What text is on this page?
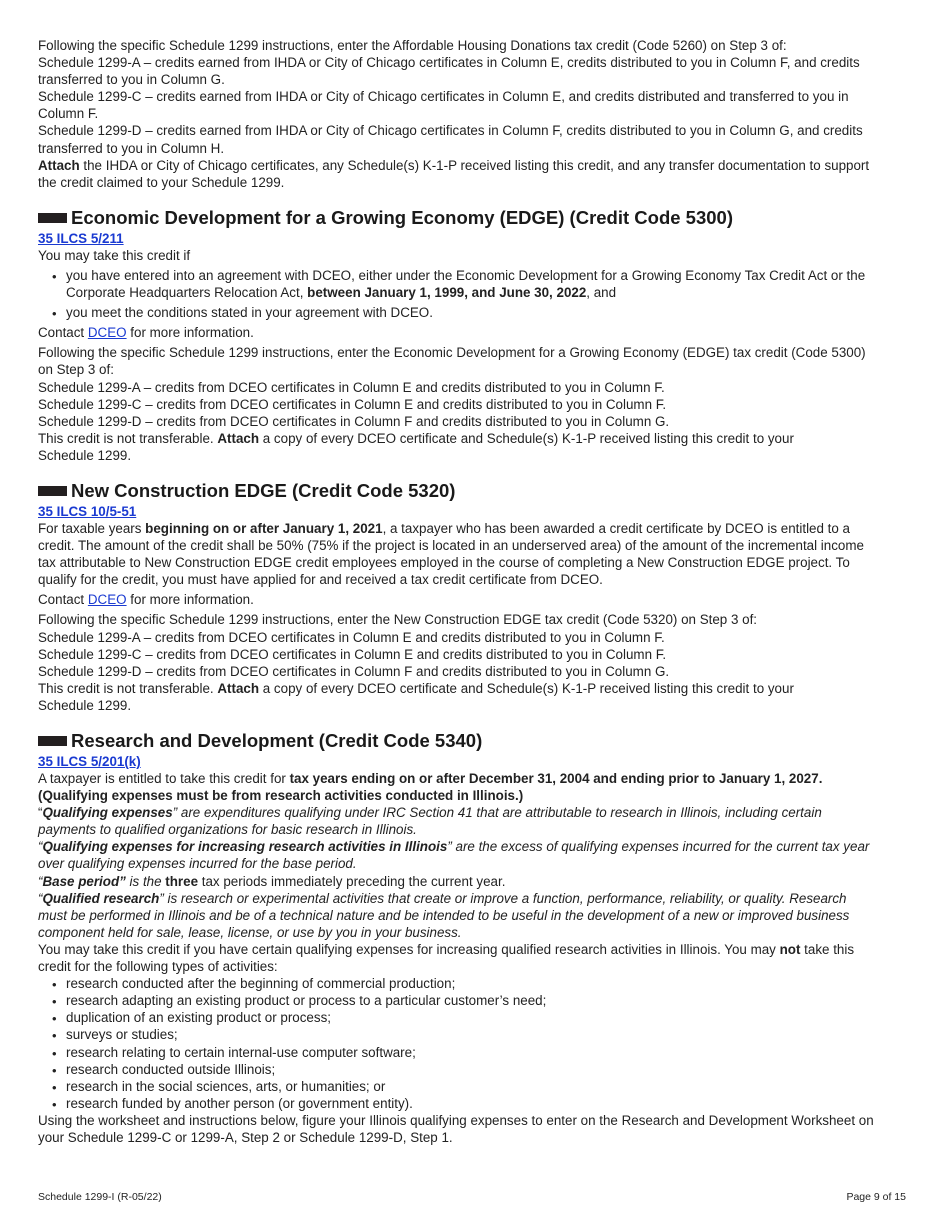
Following the specific Schedule 1299 instructions, enter the Affordable Housing Donations tax credit (Code 5260) on Step 3 of:

Schedule 1299-A – credits earned from IHDA or City of Chicago certificates in Column E, credits distributed to you in Column F, and credits

transferred to you in Column G.

Schedule 1299-C – credits earned from IHDA or City of Chicago certificates in Column E, and credits distributed and transferred to you in

Column F.

Schedule 1299-D – credits earned from IHDA or City of Chicago certificates in Column F, credits distributed to you in Column G, and credits

transferred to you in Column H.

Attach the IHDA or City of Chicago certificates, any Schedule(s) K-1-P received listing this credit, and any transfer documentation to support

the credit claimed to your Schedule 1299.

Economic Development for a Growing Economy (EDGE) (Credit Code 5300)

35 ILCS 5/211

You may take this credit if

• you have entered into an agreement with DCEO, either under the Economic Development for a Growing Economy Tax Credit Act or the
Corporate Headquarters Relocation Act, between January 1, 1999, and June 30, 2022, and
• you meet the conditions stated in your agreement with DCEO.

Contact DCEO for more information.

Following the specific Schedule 1299 instructions, enter the Economic Development for a Growing Economy (EDGE) tax credit (Code 5300)

on Step 3 of:

Schedule 1299-A – credits from DCEO certificates in Column E and credits distributed to you in Column F.

Schedule 1299-C – credits from DCEO certificates in Column E and credits distributed to you in Column F.

Schedule 1299-D – credits from DCEO certificates in Column F and credits distributed to you in Column G.

This credit is not transferable. Attach a copy of every DCEO certificate and Schedule(s) K-1-P received listing this credit to your

Schedule 1299.

New Construction EDGE (Credit Code 5320)

35 ILCS 10/5-51

For taxable years beginning on or after January 1, 2021, a taxpayer who has been awarded a credit certificate by DCEO is entitled to a

credit. The amount of the credit shall be 50% (75% if the project is located in an underserved area) of the amount of the incremental income

tax attributable to New Construction EDGE credit employees employed in the course of completing a New Construction EDGE project. To

qualify for the credit, you must have applied for and received a tax credit certificate from DCEO.

Contact DCEO for more information.

Following the specific Schedule 1299 instructions, enter the New Construction EDGE tax credit (Code 5320) on Step 3 of:

Schedule 1299-A – credits from DCEO certificates in Column E and credits distributed to you in Column F.

Schedule 1299-C – credits from DCEO certificates in Column E and credits distributed to you in Column F.

Schedule 1299-D – credits from DCEO certificates in Column F and credits distributed to you in Column G.

This credit is not transferable. Attach a copy of every DCEO certificate and Schedule(s) K-1-P received listing this credit to your

Schedule 1299.

Research and Development (Credit Code 5340)

35 ILCS 5/201(k)

A taxpayer is entitled to take this credit for tax years ending on or after December 31, 2004 and ending prior to January 1, 2027.

(Qualifying expenses must be from research activities conducted in Illinois.)

“Qualifying expenses” are expenditures qualifying under IRC Section 41 that are attributable to research in Illinois, including certain

payments to qualified organizations for basic research in Illinois.

“Qualifying expenses for increasing research activities in Illinois” are the excess of qualifying expenses incurred for the current tax year

over qualifying expenses incurred for the base period.

“Base period” is the three tax periods immediately preceding the current year.

“Qualified research” is research or experimental activities that create or improve a function, performance, reliability, or quality. Research

must be performed in Illinois and be of a technical nature and be intended to be useful in the development of a new or improved business

component held for sale, lease, license, or use by you in your business.

You may take this credit if you have certain qualifying expenses for increasing qualified research activities in Illinois. You may not take this

credit for the following types of activities:

• research conducted after the beginning of commercial production;
• research adapting an existing product or process to a particular customer’s need;
• duplication of an existing product or process;
• surveys or studies;
• research relating to certain internal-use computer software;
• research conducted outside Illinois;
• research in the social sciences, arts, or humanities; or
• research funded by another person (or government entity).

Using the worksheet and instructions below, figure your Illinois qualifying expenses to enter on the Research and Development Worksheet on

your Schedule 1299-C or 1299-A, Step 2 or Schedule 1299-D, Step 1.

Schedule 1299-I (R-05/22)	Page 9 of 15
